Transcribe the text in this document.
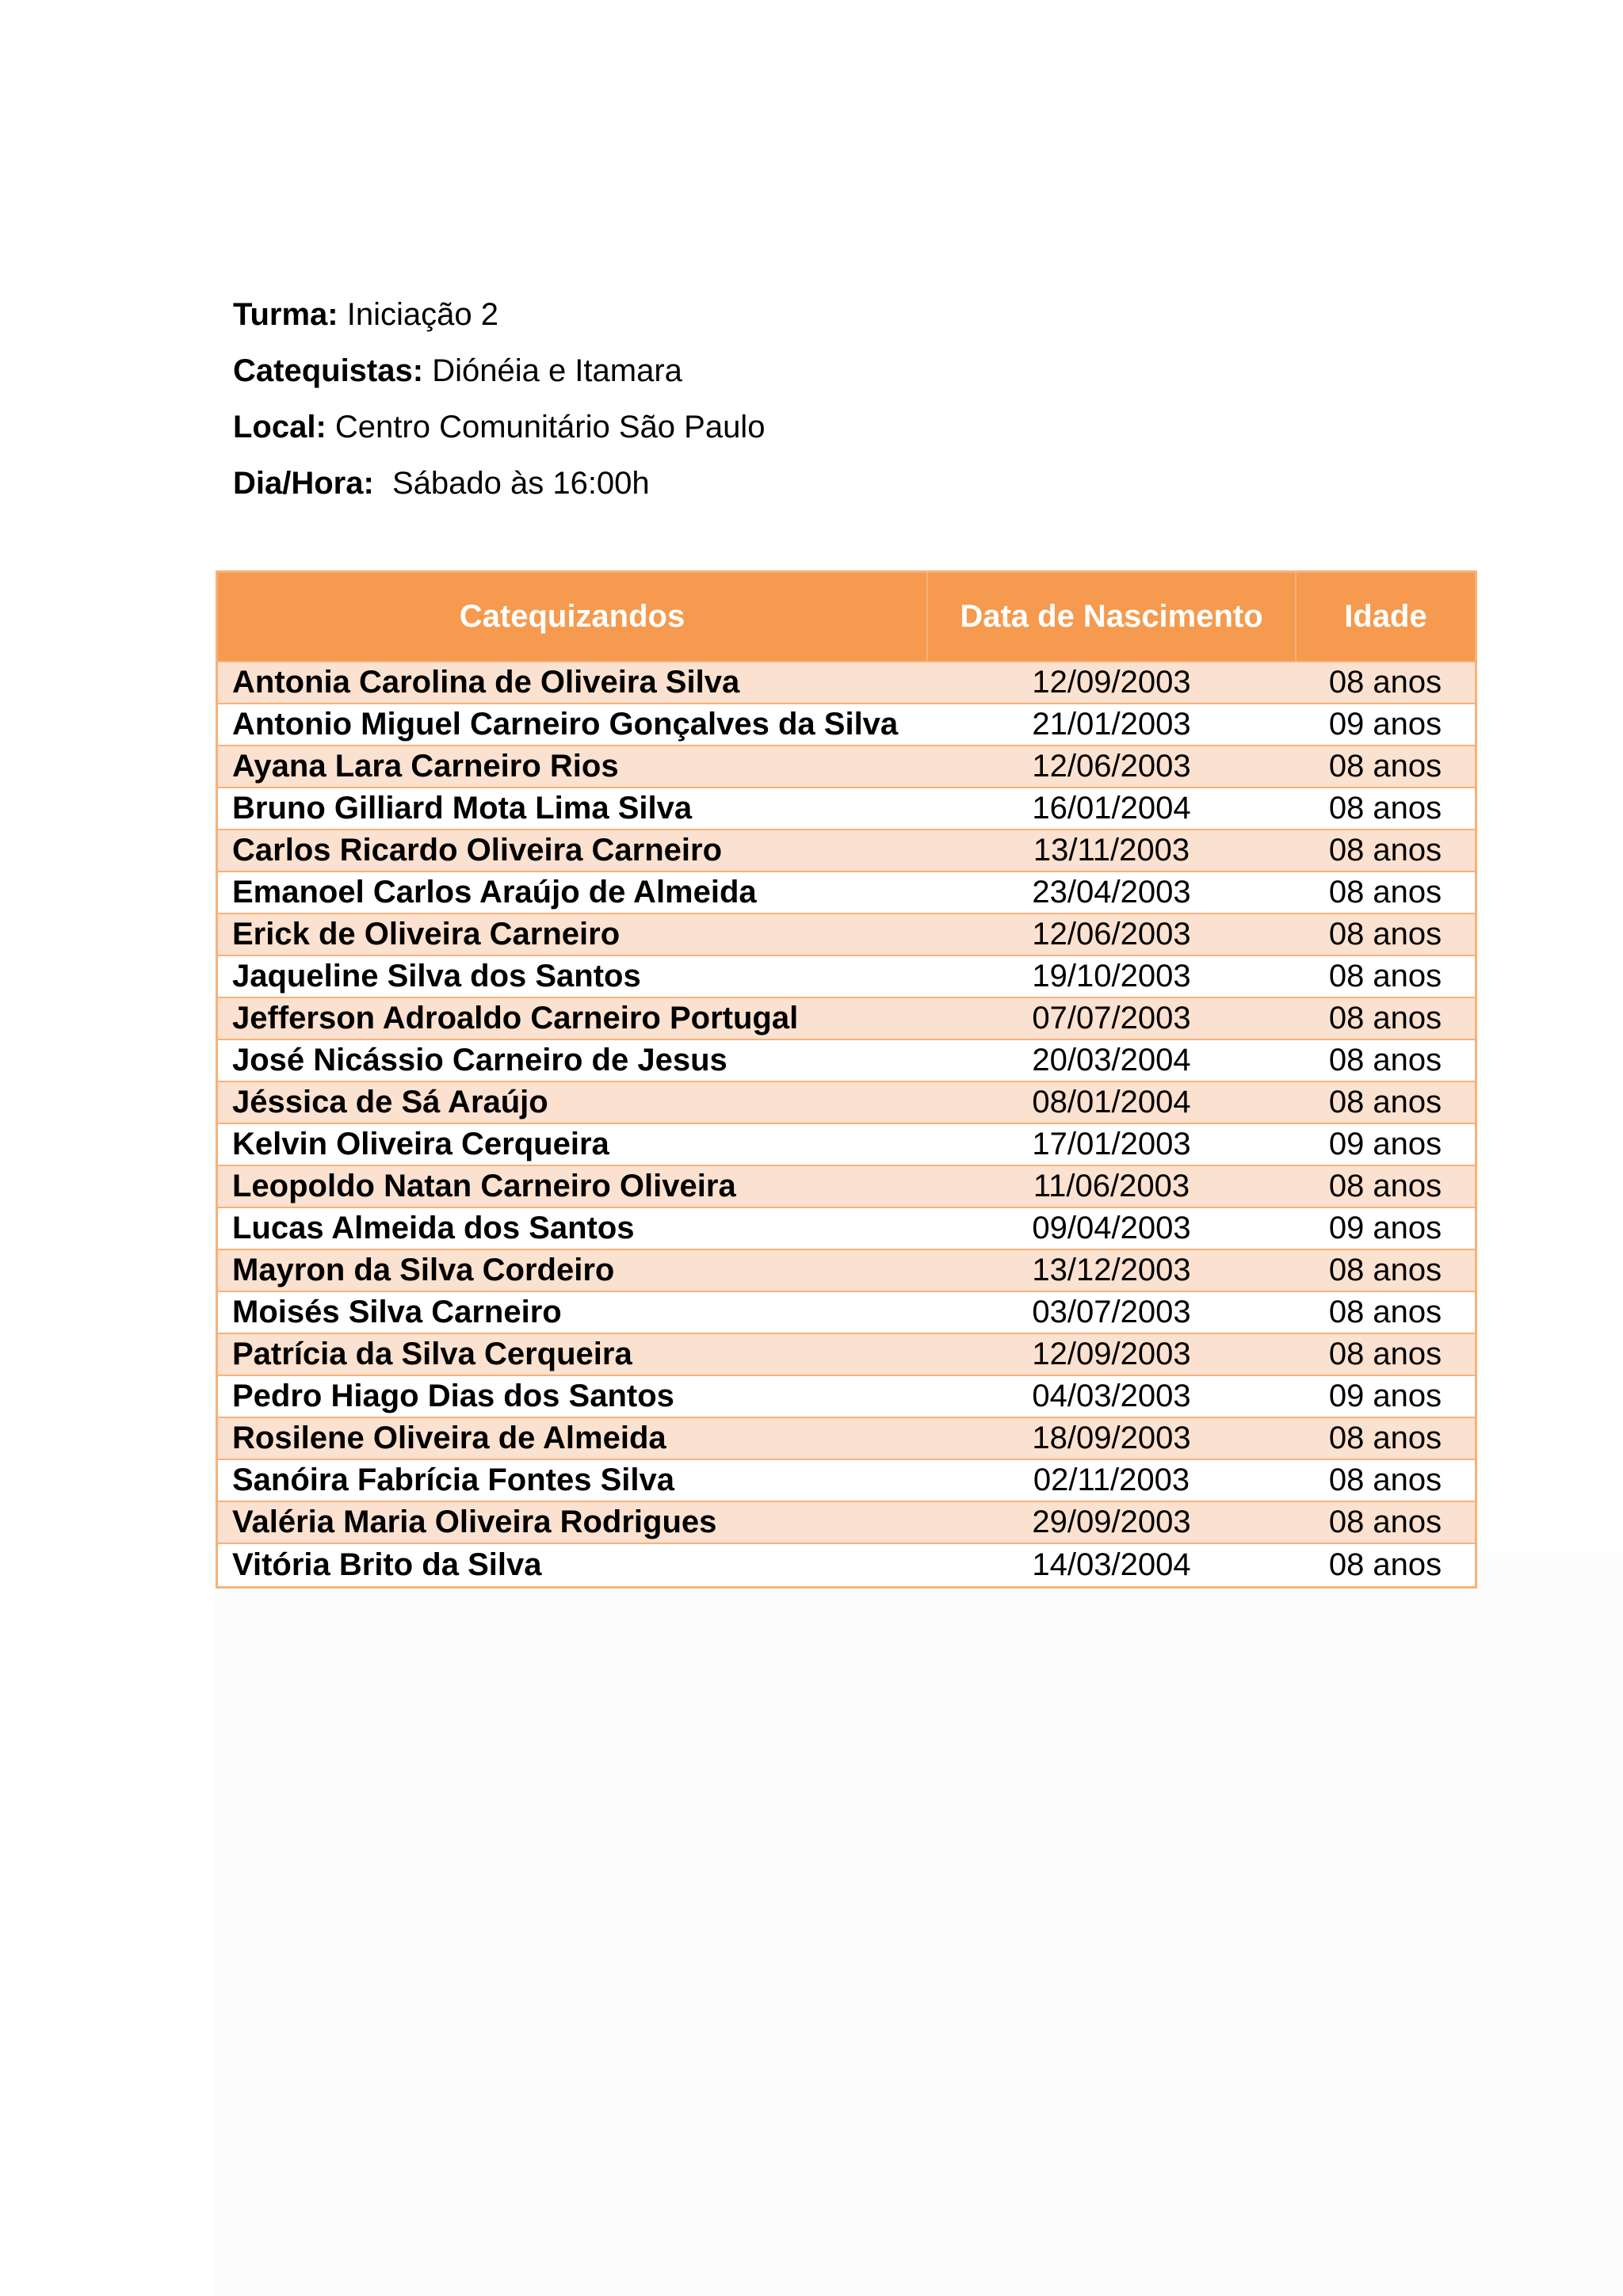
Turma: Iniciação 2
Catequistas: Diónéia e Itamara
Local: Centro Comunitário São Paulo
Dia/Hora: Sábado às 16:00h
Catequizandos	Data de Nascimento	Idade
Antonia Carolina de Oliveira Silva	12/09/2003	08 anos
Antonio Miguel Carneiro Gonçalves da Silva	21/01/2003	09 anos
Ayana Lara Carneiro Rios	12/06/2003	08 anos
Bruno Gilliard Mota Lima Silva	16/01/2004	08 anos
Carlos Ricardo Oliveira Carneiro	13/11/2003	08 anos
Emanoel Carlos Araújo de Almeida	23/04/2003	08 anos
Erick de Oliveira Carneiro	12/06/2003	08 anos
Jaqueline Silva dos Santos	19/10/2003	08 anos
Jefferson Adroaldo Carneiro Portugal	07/07/2003	08 anos
José Nicássio Carneiro de Jesus	20/03/2004	08 anos
Jéssica de Sá Araújo	08/01/2004	08 anos
Kelvin Oliveira Cerqueira	17/01/2003	09 anos
Leopoldo Natan Carneiro Oliveira	11/06/2003	08 anos
Lucas Almeida dos Santos	09/04/2003	09 anos
Mayron da Silva Cordeiro	13/12/2003	08 anos
Moisés Silva Carneiro	03/07/2003	08 anos
Patrícia da Silva Cerqueira	12/09/2003	08 anos
Pedro Hiago Dias dos Santos	04/03/2003	09 anos
Rosilene Oliveira de Almeida	18/09/2003	08 anos
Sanóira Fabrícia Fontes Silva	02/11/2003	08 anos
Valéria Maria Oliveira Rodrigues	29/09/2003	08 anos
Vitória Brito da Silva	14/03/2004	08 anos
